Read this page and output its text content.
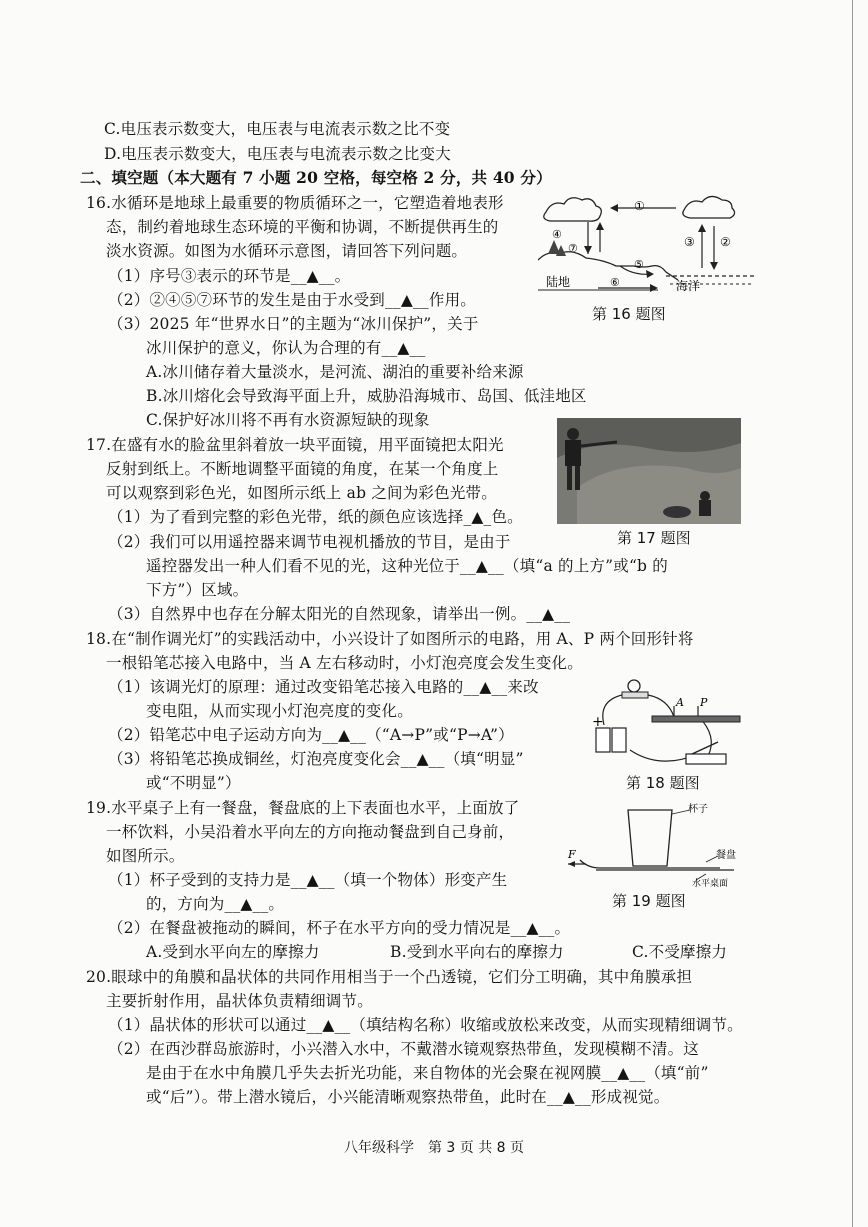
C.电压表示数变大，电压表与电流表示数之比不变
D.电压表示数变大，电压表与电流表示数之比变大
二、填空题（本大题有 7 小题 20 空格，每空格 2 分，共 40 分）
16.水循环是地球上最重要的物质循环之一，它塑造着地表形
态，制约着地球生态环境的平衡和协调，不断提供再生的
淡水资源。如图为水循环示意图，请回答下列问题。
（1）序号③表示的环节是__▲__。
（2）②④⑤⑦环节的发生是由于水受到__▲__作用。
（3）2025 年“世界水日”的主题为“冰川保护”，关于
冰川保护的意义，你认为合理的有__▲__
A.冰川储存着大量淡水，是河流、湖泊的重要补给来源
B.冰川熔化会导致海平面上升，威胁沿海城市、岛国、低洼地区
C.保护好冰川将不再有水资源短缺的现象
17.在盛有水的脸盆里斜着放一块平面镜，用平面镜把太阳光
反射到纸上。不断地调整平面镜的角度，在某一个角度上
可以观察到彩色光，如图所示纸上 ab 之间为彩色光带。
（1）为了看到完整的彩色光带，纸的颜色应该选择_▲_色。
（2）我们可以用遥控器来调节电视机播放的节目，是由于
遥控器发出一种人们看不见的光，这种光位于__▲__（填“a 的上方”或“b 的
下方”）区域。
（3）自然界中也存在分解太阳光的自然现象，请举出一例。__▲__
18.在“制作调光灯”的实践活动中，小兴设计了如图所示的电路，用 A、P 两个回形针将
一根铅笔芯接入电路中，当 A 左右移动时，小灯泡亮度会发生变化。
（1）该调光灯的原理：通过改变铅笔芯接入电路的__▲__来改
变电阻，从而实现小灯泡亮度的变化。
（2）铅笔芯中电子运动方向为__▲__（“A→P”或“P→A”）
（3）将铅笔芯换成铜丝，灯泡亮度变化会__▲__（填“明显”
或“不明显”）
19.水平桌子上有一餐盘，餐盘底的上下表面也水平，上面放了
一杯饮料，小吴沿着水平向左的方向拖动餐盘到自己身前，
如图所示。
（1）杯子受到的支持力是__▲__（填一个物体）形变产生
的，方向为__▲__。
（2）在餐盘被拖动的瞬间，杯子在水平方向的受力情况是__▲__。
A.受到水平向左的摩擦力	B.受到水平向右的摩擦力	C.不受摩擦力
20.眼球中的角膜和晶状体的共同作用相当于一个凸透镜，它们分工明确，其中角膜承担
主要折射作用，晶状体负责精细调节。
（1）晶状体的形状可以通过__▲__（填结构名称）收缩或放松来改变，从而实现精细调节。
（2）在西沙群岛旅游时，小兴潜入水中，不戴潜水镜观察热带鱼，发现模糊不清。这
是由于在水中角膜几乎失去折光功能，来自物体的光会聚在视网膜__▲__（填“前”
或“后”）。带上潜水镜后，小兴能清晰观察热带鱼，此时在__▲__形成视觉。
①
②
③
④
⑤
⑥
⑦
陆地	海洋
第 16 题图
第 17 题图
+
A P
第 18 题图
杯子
餐盘
水平桌面
F
第 19 题图
八年级科学　第 3 页 共 8 页
